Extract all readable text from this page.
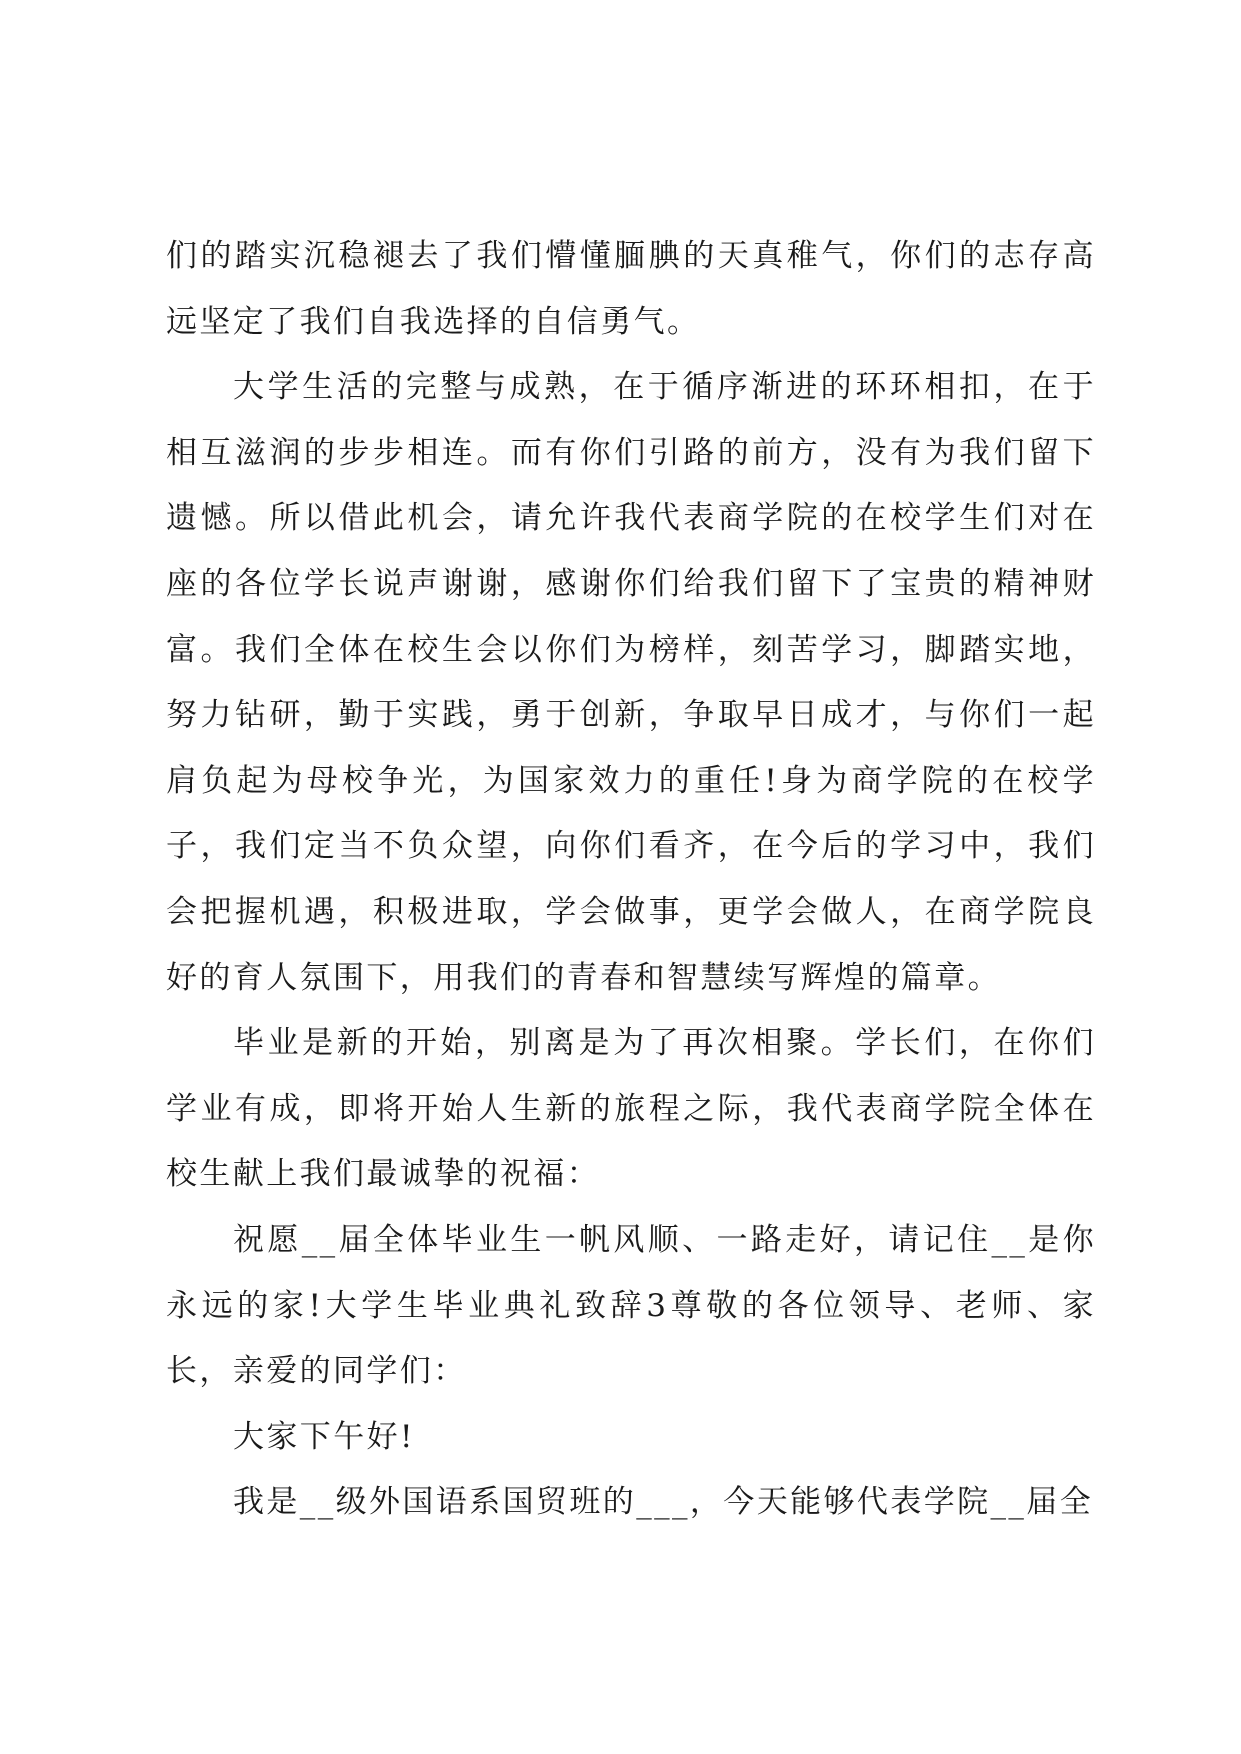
们的踏实沉稳褪去了我们懵懂腼腆的天真稚气，你们的志存高远坚定了我们自我选择的自信勇气。

大学生活的完整与成熟，在于循序渐进的环环相扣，在于相互滋润的步步相连。而有你们引路的前方，没有为我们留下遗憾。所以借此机会，请允许我代表商学院的在校学生们对在座的各位学长说声谢谢，感谢你们给我们留下了宝贵的精神财富。我们全体在校生会以你们为榜样，刻苦学习，脚踏实地，努力钻研，勤于实践，勇于创新，争取早日成才，与你们一起肩负起为母校争光，为国家效力的重任!身为商学院的在校学子，我们定当不负众望，向你们看齐，在今后的学习中，我们会把握机遇，积极进取，学会做事，更学会做人，在商学院良好的育人氛围下，用我们的青春和智慧续写辉煌的篇章。

毕业是新的开始，别离是为了再次相聚。学长们，在你们学业有成，即将开始人生新的旅程之际，我代表商学院全体在校生献上我们最诚挚的祝福：

祝愿__届全体毕业生一帆风顺、一路走好，请记住__是你永远的家!大学生毕业典礼致辞3尊敬的各位领导、老师、家长，亲爱的同学们：

大家下午好!

我是__级外国语系国贸班的___，今天能够代表学院__届全
